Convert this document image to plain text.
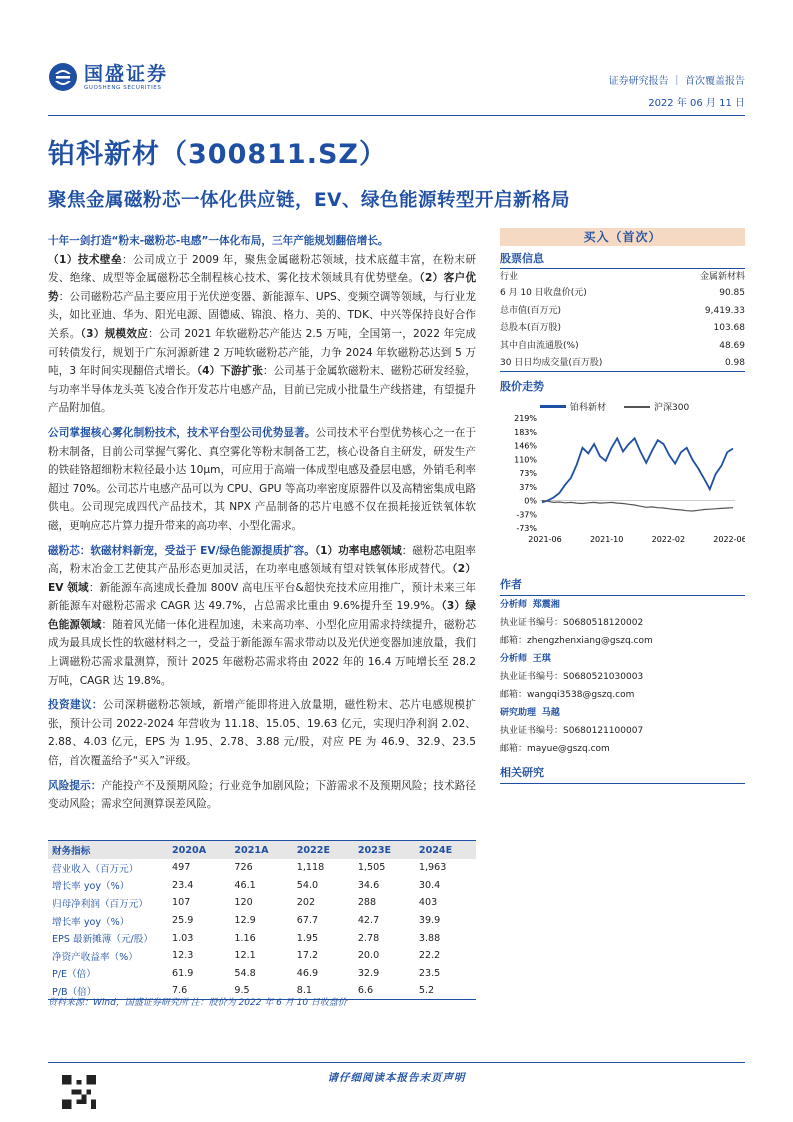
国盛证券
GUOSHENG SECURITIES
证券研究报告 ｜ 首次覆盖报告
2022 年 06 月 11 日
铂科新材（300811.SZ）
聚焦金属磁粉芯一体化供应链，EV、绿色能源转型开启新格局

十年一剑打造“粉末-磁粉芯-电感”一体化布局，三年产能规划翻倍增长。
（1）技术壁垒：公司成立于 2009 年，聚焦金属磁粉芯领域，技术底蕴丰富，在粉末研发、绝缘、成型等金属磁粉芯全制程核心技术、雾化技术领域具有优势壁垒。（2）客户优势：公司磁粉芯产品主要应用于光伏逆变器、新能源车、UPS、变频空调等领域，与行业龙头，如比亚迪、华为、阳光电源、固德威、锦浪、格力、美的、TDK、中兴等保持良好合作关系。（3）规模效应：公司 2021 年软磁粉芯产能达 2.5 万吨，全国第一，2022 年完成可转债发行，规划于广东河源新建 2 万吨软磁粉芯产能，力争 2024 年软磁粉芯达到 5 万吨，3 年时间实现翻倍式增长。（4）下游扩张：公司基于金属软磁粉末、磁粉芯研发经验，与功率半导体龙头英飞凌合作开发芯片电感产品，目前已完成小批量生产线搭建，有望提升产品附加值。

公司掌握核心雾化制粉技术，技术平台型公司优势显著。公司技术平台型优势核心之一在于粉末制备，目前公司掌握气雾化、真空雾化等粉末制备工艺，核心设备自主研发，研发生产的铁硅铬超细粉末粒径最小达 10μm，可应用于高端一体成型电感及叠层电感，外销毛利率超过 70%。公司芯片电感产品可以为 CPU、GPU 等高功率密度原器件以及高精密集成电路供电。公司现完成四代产品技术，其 NPX 产品制备的芯片电感不仅在损耗接近铁氧体软磁，更响应芯片算力提升带来的高功率、小型化需求。

磁粉芯：软磁材料新宠，受益于 EV/绿色能源提质扩容。（1）功率电感领域：磁粉芯电阻率高，粉末冶金工艺使其产品形态更加灵活，在功率电感领域有望对铁氧体形成替代。（2）EV 领域：新能源车高速成长叠加 800V 高电压平台&超快充技术应用推广，预计未来三年新能源车对磁粉芯需求 CAGR 达 49.7%，占总需求比重由 9.6%提升至 19.9%。（3）绿色能源领域：随着风光储一体化进程加速，未来高功率、小型化应用需求持续提升，磁粉芯成为最具成长性的软磁材料之一，受益于新能源车需求带动以及光伏逆变器加速放量，我们上调磁粉芯需求量测算，预计 2025 年磁粉芯需求将由 2022 年的 16.4 万吨增长至 28.2 万吨，CAGR 达 19.8%。

投资建议：公司深耕磁粉芯领域，新增产能即将进入放量期，磁性粉末、芯片电感规模扩张，预计公司 2022-2024 年营收为 11.18、15.05、19.63 亿元，实现归净利润 2.02、2.88、4.03 亿元，EPS 为 1.95、2.78、3.88 元/股，对应 PE 为 46.9、32.9、23.5 倍，首次覆盖给予“买入”评级。

风险提示：产能投产不及预期风险；行业竞争加剧风险；下游需求不及预期风险；技术路径变动风险；需求空间测算误差风险。

财务指标	2020A	2021A	2022E	2023E	2024E
营业收入（百万元）	497	726	1,118	1,505	1,963
增长率 yoy（%）	23.4	46.1	54.0	34.6	30.4
归母净利润（百万元）	107	120	202	288	403
增长率 yoy（%）	25.9	12.9	67.7	42.7	39.9
EPS 最新摊薄（元/股）	1.03	1.16	1.95	2.78	3.88
净资产收益率（%）	12.3	12.1	17.2	20.0	22.2
P/E（倍）	61.9	54.8	46.9	32.9	23.5
P/B（倍）	7.6	9.5	8.1	6.6	5.2
资料来源：Wind，国盛证券研究所 注：股价为 2022 年 6 月 10 日收盘价
买入（首次）
股票信息
行业	金属新材料
6 月 10 日收盘价(元)	90.85
总市值(百万元)	9,419.33
总股本(百万股)	103.68
其中自由流通股(%)	48.69
30 日日均成交量(百万股)	0.98
股价走势
铂科新材	沪深300
219%
183%
146%
110%
73%
37%
0%
-37%
-73%
2021-06	2021-10	2022-02	2022-06
作者
分析师 郑震湘
执业证书编号：S0680518120002
邮箱：zhengzhenxiang@gszq.com
分析师 王琪
执业证书编号：S0680521030003
邮箱：wangqi3538@gszq.com
研究助理 马越
执业证书编号：S0680121100007
邮箱：mayue@gszq.com
相关研究
请仔细阅读本报告末页声明
